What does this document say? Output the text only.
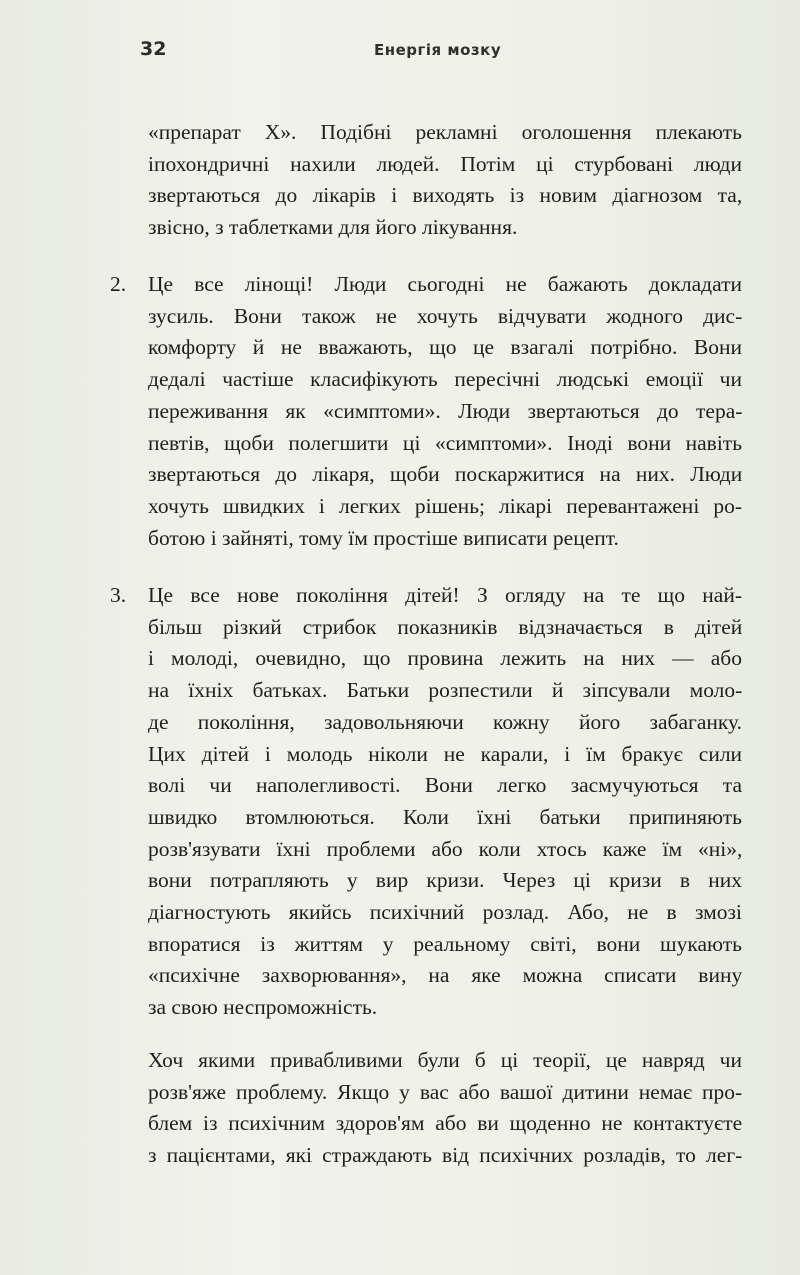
32	Енергія мозку
«препарат X». Подібні рекламні оголошення плекають
іпохондричні нахили людей. Потім ці стурбовані люди
звертаються до лікарів і виходять із новим діагнозом та,
звісно, з таблетками для його лікування.
2.	Це все лінощі! Люди сьогодні не бажають докладати
зусиль. Вони також не хочуть відчувати жодного дис-
комфорту й не вважають, що це взагалі потрібно. Вони
дедалі частіше класифікують пересічні людські емоції чи
переживання як «симптоми». Люди звертаються до тера-
певтів, щоби полегшити ці «симптоми». Іноді вони навіть
звертаються до лікаря, щоби поскаржитися на них. Люди
хочуть швидких і легких рішень; лікарі перевантажені ро-
ботою і зайняті, тому їм простіше виписати рецепт.
3.	Це все нове покоління дітей! З огляду на те що най-
більш різкий стрибок показників відзначається в дітей
і молоді, очевидно, що провина лежить на них — або
на їхніх батьках. Батьки розпестили й зіпсували моло-
де покоління, задовольняючи кожну його забаганку.
Цих дітей і молодь ніколи не карали, і їм бракує сили
волі чи наполегливості. Вони легко засмучуються та
швидко втомлюються. Коли їхні батьки припиняють
розв'язувати їхні проблеми або коли хтось каже їм «ні»,
вони потрапляють у вир кризи. Через ці кризи в них
діагностують якийсь психічний розлад. Або, не в змозі
впоратися із життям у реальному світі, вони шукають
«психічне захворювання», на яке можна списати вину
за свою неспроможність.
Хоч якими привабливими були б ці теорії, це навряд чи
розв'яже проблему. Якщо у вас або вашої дитини немає про-
блем із психічним здоров'ям або ви щоденно не контактуєте
з пацієнтами, які страждають від психічних розладів, то лег-
